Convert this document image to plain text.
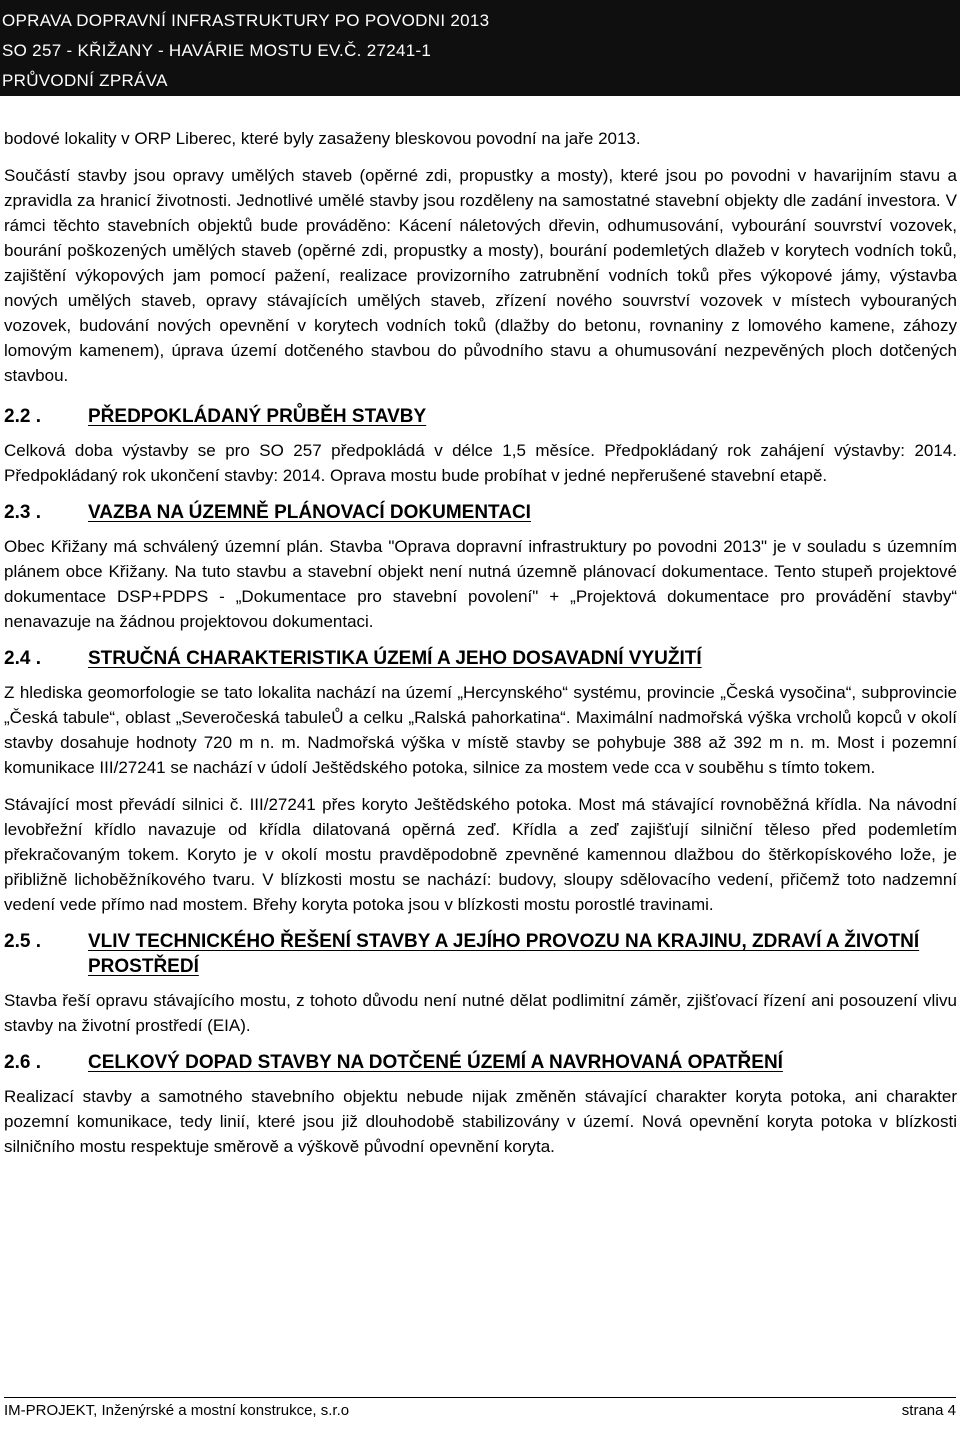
OPRAVA DOPRAVNÍ INFRASTRUKTURY PO POVODNI 2013
SO 257 - KŘIŽANY - HAVÁRIE MOSTU EV.Č. 27241-1
PRŮVODNÍ ZPRÁVA

bodové lokality v ORP Liberec, které byly zasaženy bleskovou povodní na jaře 2013.

Součástí stavby jsou opravy umělých staveb (opěrné zdi, propustky a mosty), které jsou po povodni v havarijním stavu a zpravidla za hranicí životnosti. Jednotlivé umělé stavby jsou rozděleny na samostatné stavební objekty dle zadání investora. V rámci těchto stavebních objektů bude prováděno: Kácení náletových dřevin, odhumusování, vybourání souvrství vozovek, bourání poškozených umělých staveb (opěrné zdi, propustky a mosty), bourání podemletých dlažeb v korytech vodních toků, zajištění výkopových jam pomocí pažení, realizace provizorního zatrubnění vodních toků přes výkopové jámy, výstavba nových umělých staveb, opravy stávajících umělých staveb, zřízení nového souvrství vozovek v místech vybouraných vozovek, budování nových opevnění v korytech vodních toků (dlažby do betonu, rovnaniny z lomového kamene, záhozy lomovým kamenem), úprava území dotčeného stavbou do původního stavu a ohumusování nezpevěných ploch dotčených stavbou.

2.2 .	PŘEDPOKLÁDANÝ PRŮBĚH STAVBY

Celková doba výstavby se pro SO 257 předpokládá v délce 1,5 měsíce. Předpokládaný rok zahájení výstavby: 2014. Předpokládaný rok ukončení stavby: 2014. Oprava mostu bude probíhat v jedné nepřerušené stavební etapě.

2.3 .	VAZBA NA ÚZEMNĚ PLÁNOVACÍ DOKUMENTACI

Obec Křižany má schválený územní plán. Stavba "Oprava dopravní infrastruktury po povodni 2013" je v souladu s územním plánem obce Křižany. Na tuto stavbu a stavební objekt není nutná územně plánovací dokumentace. Tento stupeň projektové dokumentace DSP+PDPS - „Dokumentace pro stavební povolení" + „Projektová dokumentace pro provádění stavby“ nenavazuje na žádnou projektovou dokumentaci.

2.4 .	STRUČNÁ CHARAKTERISTIKA ÚZEMÍ A JEHO DOSAVADNÍ VYUŽITÍ

Z hlediska geomorfologie se tato lokalita nachází na území „Hercynského“ systému, provincie „Česká vysočina“, subprovincie „Česká tabule“, oblast „Severočeská tabuleŮ a celku „Ralská pahorkatina“. Maximální nadmořská výška vrcholů kopců v okolí stavby dosahuje hodnoty 720 m n. m. Nadmořská výška v místě stavby se pohybuje 388 až 392 m n. m. Most i pozemní komunikace III/27241 se nachází v údolí Ještědského potoka, silnice za mostem vede cca v souběhu s tímto tokem.

Stávající most převádí silnici č. III/27241 přes koryto Ještědského potoka. Most má stávající rovnoběžná křídla. Na návodní levobřežní křídlo navazuje od křídla dilatovaná opěrná zeď. Křídla a zeď zajišťují silniční těleso před podemletím překračovaným tokem. Koryto je v okolí mostu pravděpodobně zpevněné kamennou dlažbou do štěrkopískového lože, je přibližně lichoběžníkového tvaru. V blízkosti mostu se nachází: budovy, sloupy sdělovacího vedení, přičemž toto nadzemní vedení vede přímo nad mostem. Břehy koryta potoka jsou v blízkosti mostu porostlé travinami.

2.5 .	VLIV TECHNICKÉHO ŘEŠENÍ STAVBY A JEJÍHO PROVOZU NA KRAJINU, ZDRAVÍ A ŽIVOTNÍ PROSTŘEDÍ

Stavba řeší opravu stávajícího mostu, z tohoto důvodu není nutné dělat podlimitní záměr, zjišťovací řízení ani posouzení vlivu stavby na životní prostředí (EIA).

2.6 .	CELKOVÝ DOPAD STAVBY NA DOTČENÉ ÚZEMÍ A NAVRHOVANÁ OPATŘENÍ

Realizací stavby a samotného stavebního objektu nebude nijak změněn stávající charakter koryta potoka, ani charakter pozemní komunikace, tedy linií, které jsou již dlouhodobě stabilizovány v území. Nová opevnění koryta potoka v blízkosti silničního mostu respektuje směrově a výškově původní opevnění koryta.

IM-PROJEKT, Inženýrské a mostní konstrukce, s.r.o	strana 4
